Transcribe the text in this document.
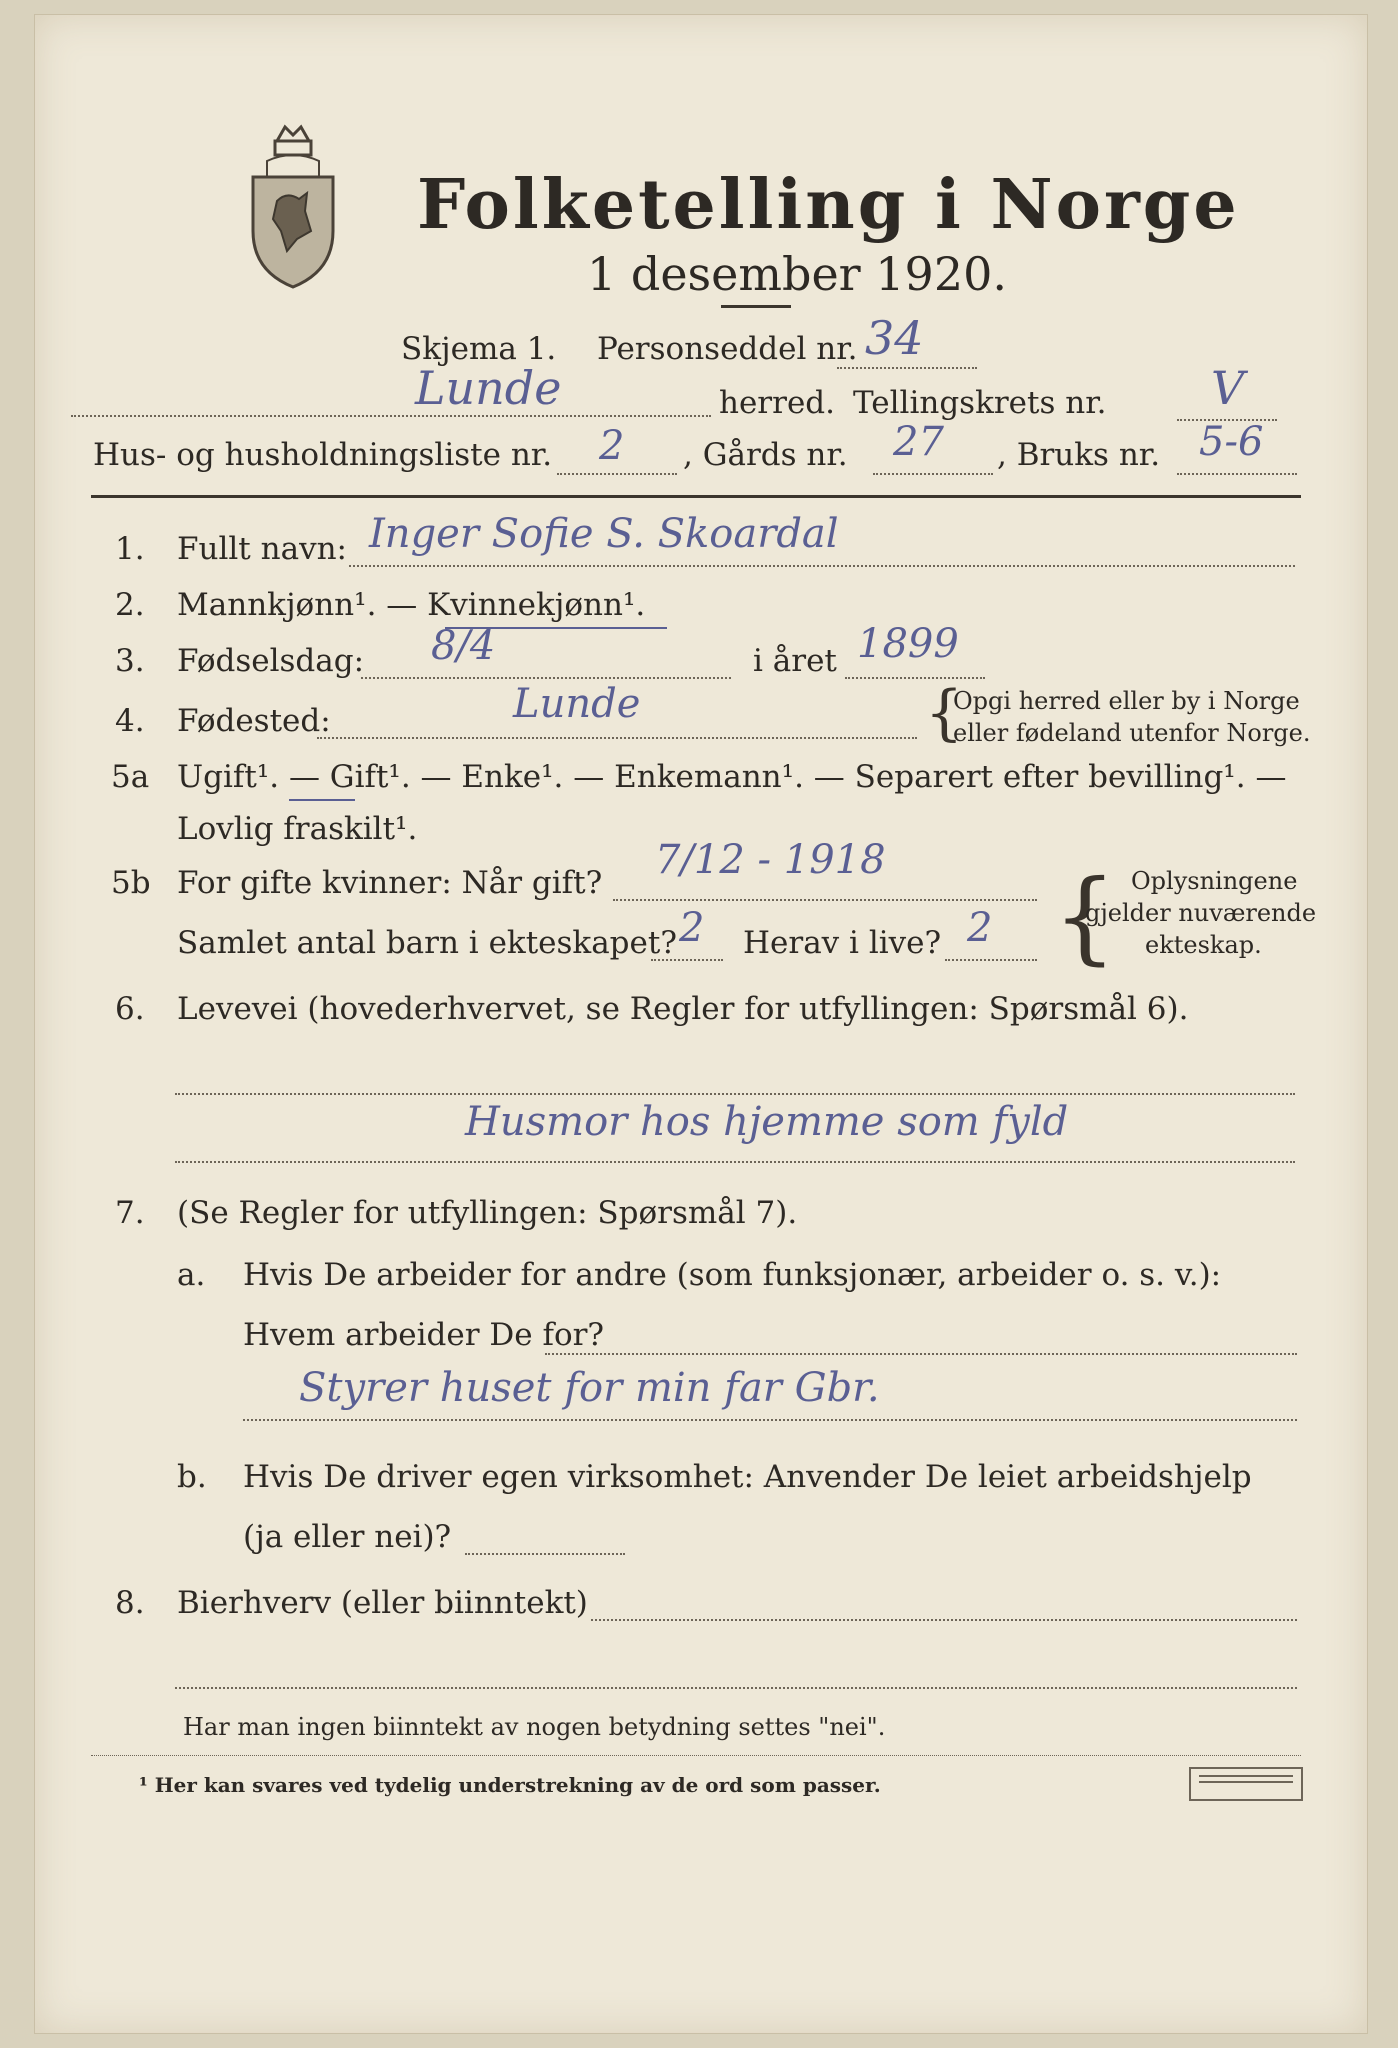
Folketelling i Norge
1 desember 1920.
Skjema 1. Personseddel nr. 34
Lunde	herred. Tellingskrets nr. V
Hus- og husholdningsliste nr. 2 , Gårds nr. 27 , Bruks nr. 5-6
1. Fullt navn: Inger Sofie S. Skoardal
2. Mannkjønn¹. — Kvinnekjønn¹.
3. Fødselsdag: 8/4	i året 1899
4. Fødested:	Lunde	{
Opgi herred eller by i Norge
eller fødeland utenfor Norge.
5a Ugift¹. — Gift¹. — Enke¹. — Enkemann¹. — Separert efter bevilling¹. —
Lovlig fraskilt¹.
5b For gifte kvinner: Når gift? 7/12 - 1918
Samlet antal barn i ekteskapet? 2 Herav i live? 2 { Oplysningene
gjelder nuværende
ekteskap.
6. Levevei (hovederhvervet, se Regler for utfyllingen: Spørsmål 6).
Husmor hos hjemme som fyld
7. (Se Regler for utfyllingen: Spørsmål 7).
a. Hvis De arbeider for andre (som funksjonær, arbeider o. s. v.):
Hvem arbeider De for?
Styrer huset for min far Gbr.
b. Hvis De driver egen virksomhet: Anvender De leiet arbeidshjelp
(ja eller nei)?
8. Bierhverv (eller biinntekt)
Har man ingen biinntekt av nogen betydning settes "nei".
¹ Her kan svares ved tydelig understrekning av de ord som passer.
